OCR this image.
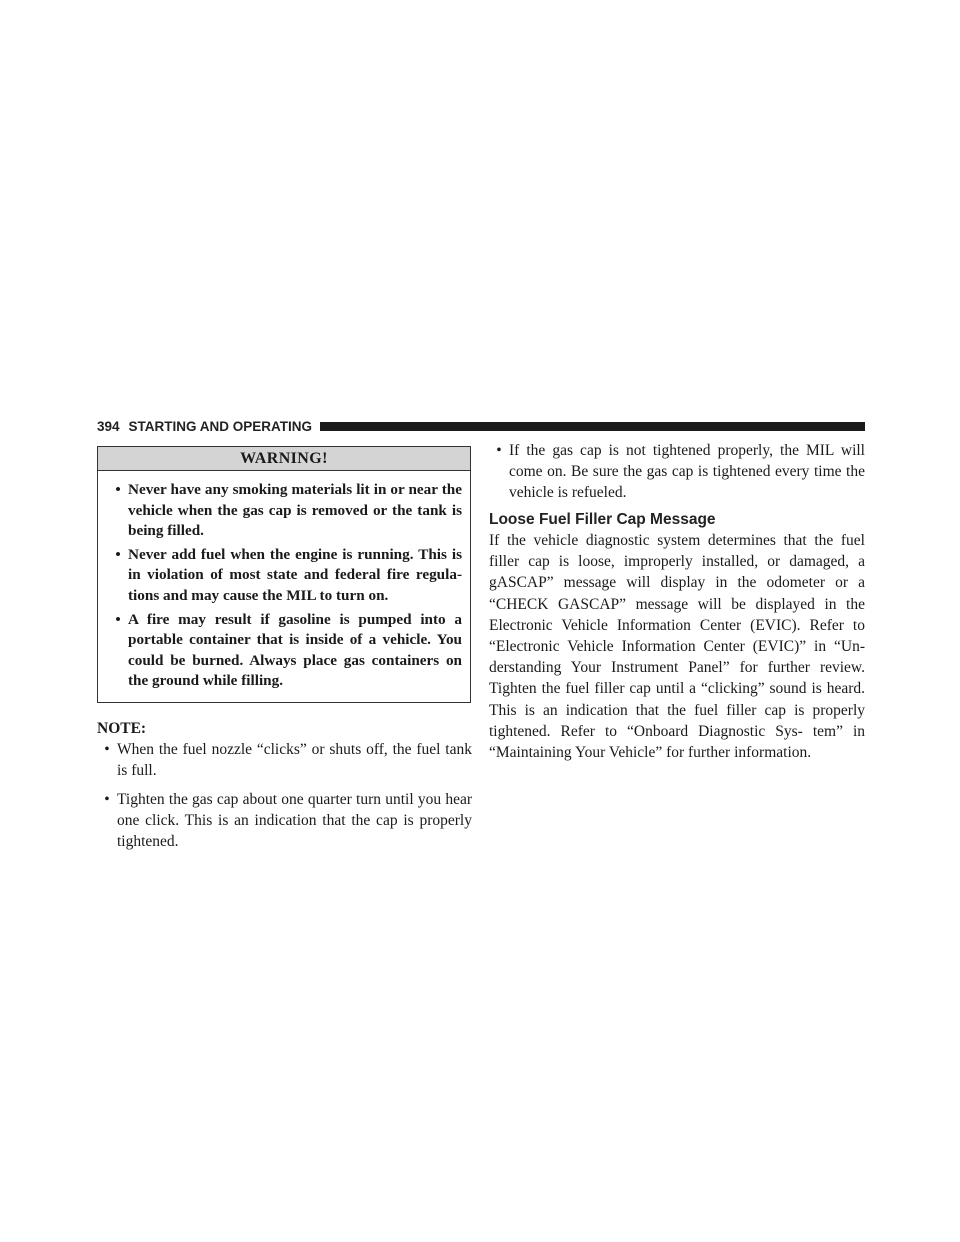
394 STARTING AND OPERATING
WARNING!
• Never have any smoking materials lit in or near the vehicle when the gas cap is removed or the tank is being filled.
• Never add fuel when the engine is running. This is in violation of most state and federal fire regula- tions and may cause the MIL to turn on.
• A fire may result if gasoline is pumped into a portable container that is inside of a vehicle. You could be burned. Always place gas containers on the ground while filling.
NOTE:
• When the fuel nozzle “clicks” or shuts off, the fuel tank is full.
• Tighten the gas cap about one quarter turn until you hear one click. This is an indication that the cap is properly tightened.
• If the gas cap is not tightened properly, the MIL will come on. Be sure the gas cap is tightened every time the vehicle is refueled.
Loose Fuel Filler Cap Message

If the vehicle diagnostic system determines that the fuel filler cap is loose, improperly installed, or damaged, a gASCAP” message will display in the odometer or a “CHECK GASCAP” message will be displayed in the Electronic Vehicle Information Center (EVIC). Refer to “Electronic Vehicle Information Center (EVIC)” in “Un- derstanding Your Instrument Panel” for further review. Tighten the fuel filler cap until a “clicking” sound is heard. This is an indication that the fuel filler cap is properly tightened. Refer to “Onboard Diagnostic Sys- tem” in “Maintaining Your Vehicle” for further information.
